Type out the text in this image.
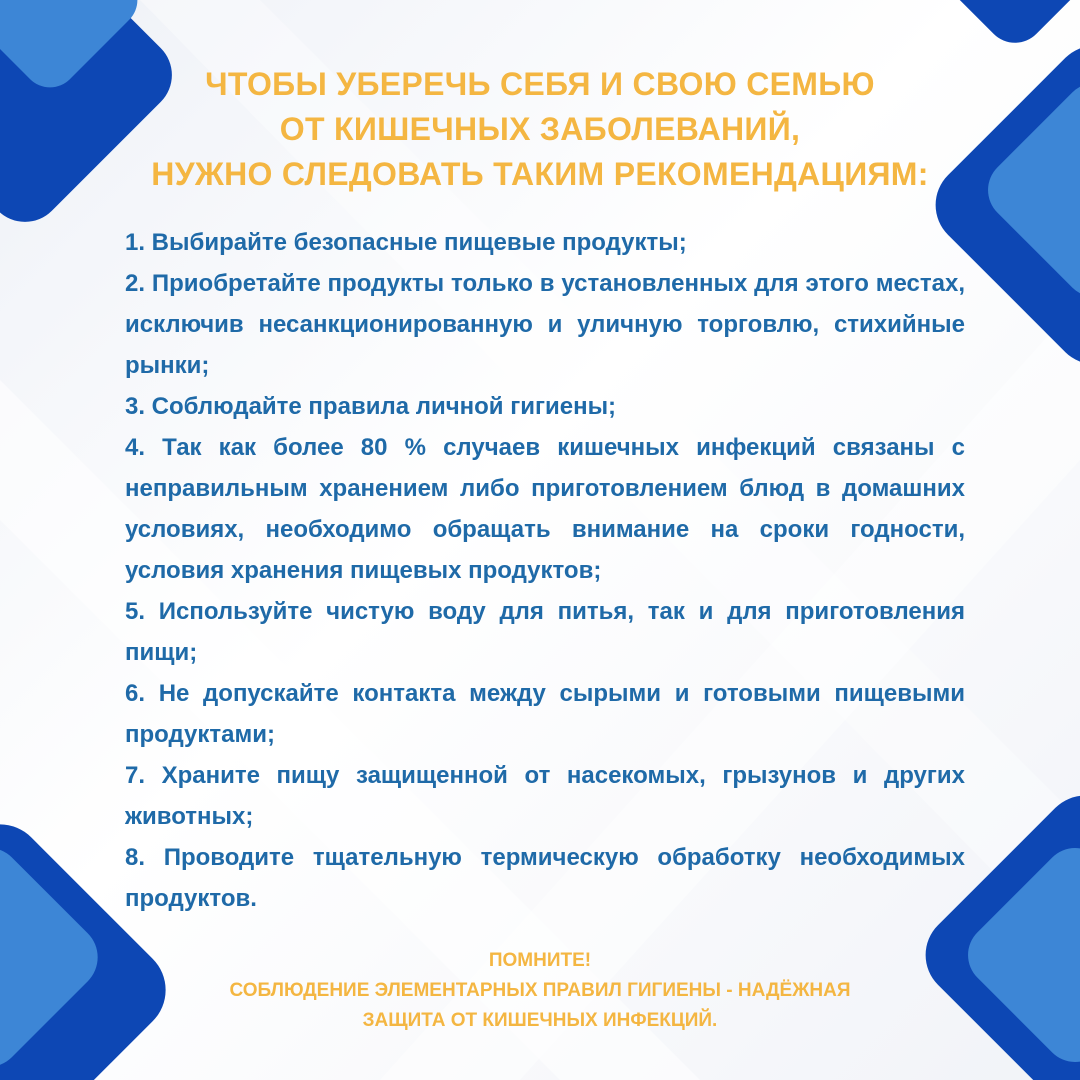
ЧТОБЫ УБЕРЕЧЬ СЕБЯ И СВОЮ СЕМЬЮ
ОТ КИШЕЧНЫХ ЗАБОЛЕВАНИЙ,
НУЖНО СЛЕДОВАТЬ ТАКИМ РЕКОМЕНДАЦИЯМ:
1. Выбирайте безопасные пищевые продукты;
2. Приобретайте продукты только в установленных для этого местах, исключив несанкционированную и уличную торговлю, стихийные рынки;
3. Соблюдайте правила личной гигиены;
4. Так как более 80 % случаев кишечных инфекций связаны с неправильным хранением либо приготовлением блюд в домашних условиях, необходимо обращать внимание на сроки годности, условия хранения пищевых продуктов;
5. Используйте чистую воду для питья, так и для приготовления пищи;
6. Не допускайте контакта между сырыми и готовыми пищевыми продуктами;
7. Храните пищу защищенной от насекомых, грызунов и других животных;
8. Проводите тщательную термическую обработку необходимых продуктов.
ПОМНИТЕ!
СОБЛЮДЕНИЕ ЭЛЕМЕНТАРНЫХ ПРАВИЛ ГИГИЕНЫ - НАДЁЖНАЯ
ЗАЩИТА ОТ КИШЕЧНЫХ ИНФЕКЦИЙ.
